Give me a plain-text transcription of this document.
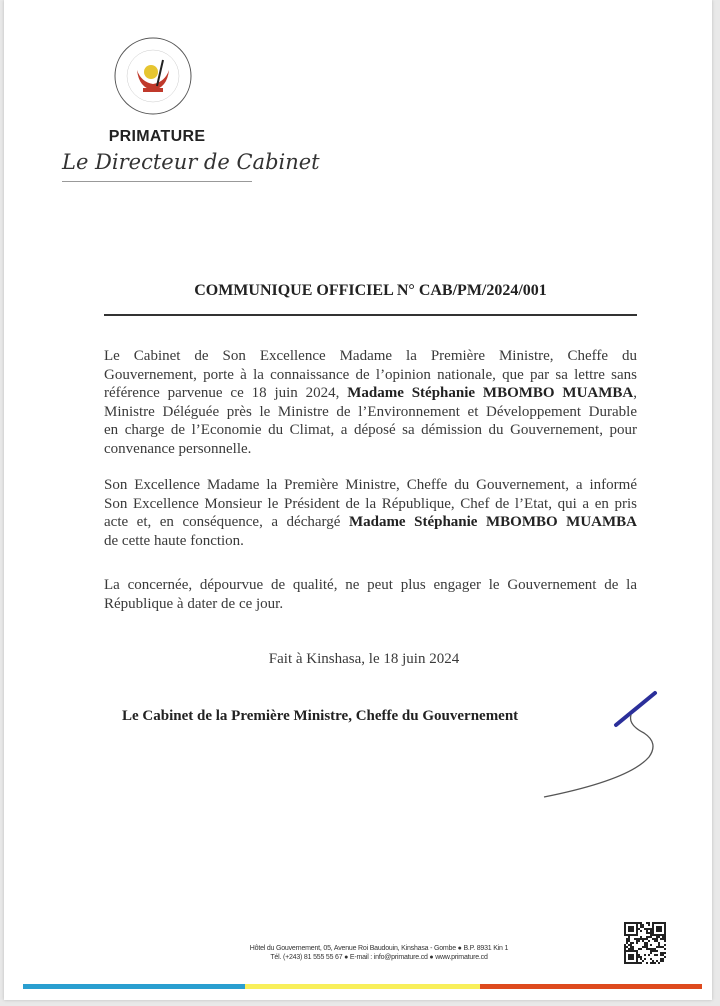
PRIMATURE
Le Directeur de Cabinet
COMMUNIQUE OFFICIEL N° CAB/PM/2024/001
Le Cabinet de Son Excellence Madame la Première Ministre, Cheffe du
Gouvernement, porte à la connaissance de l’opinion nationale, que par sa lettre sans
référence parvenue ce 18 juin 2024, Madame Stéphanie MBOMBO MUAMBA,
Ministre Déléguée près le Ministre de l’Environnement et Développement Durable
en charge de l’Economie du Climat, a déposé sa démission du Gouvernement, pour
convenance personnelle.
Son Excellence Madame la Première Ministre, Cheffe du Gouvernement, a informé
Son Excellence Monsieur le Président de la République, Chef de l’Etat, qui a en pris
acte et, en conséquence, a déchargé Madame Stéphanie MBOMBO MUAMBA
de cette haute fonction.
La concernée, dépourvue de qualité, ne peut plus engager le Gouvernement de la
République à dater de ce jour.
Fait à Kinshasa, le 18 juin 2024
Le Cabinet de la Première Ministre, Cheffe du Gouvernement
Hôtel du Gouvernement, 05, Avenue Roi Baudouin, Kinshasa - Gombe ● B.P. 8931 Kin 1
Tél. (+243) 81 555 55 67 ● E-mail : info@primature.cd ● www.primature.cd
